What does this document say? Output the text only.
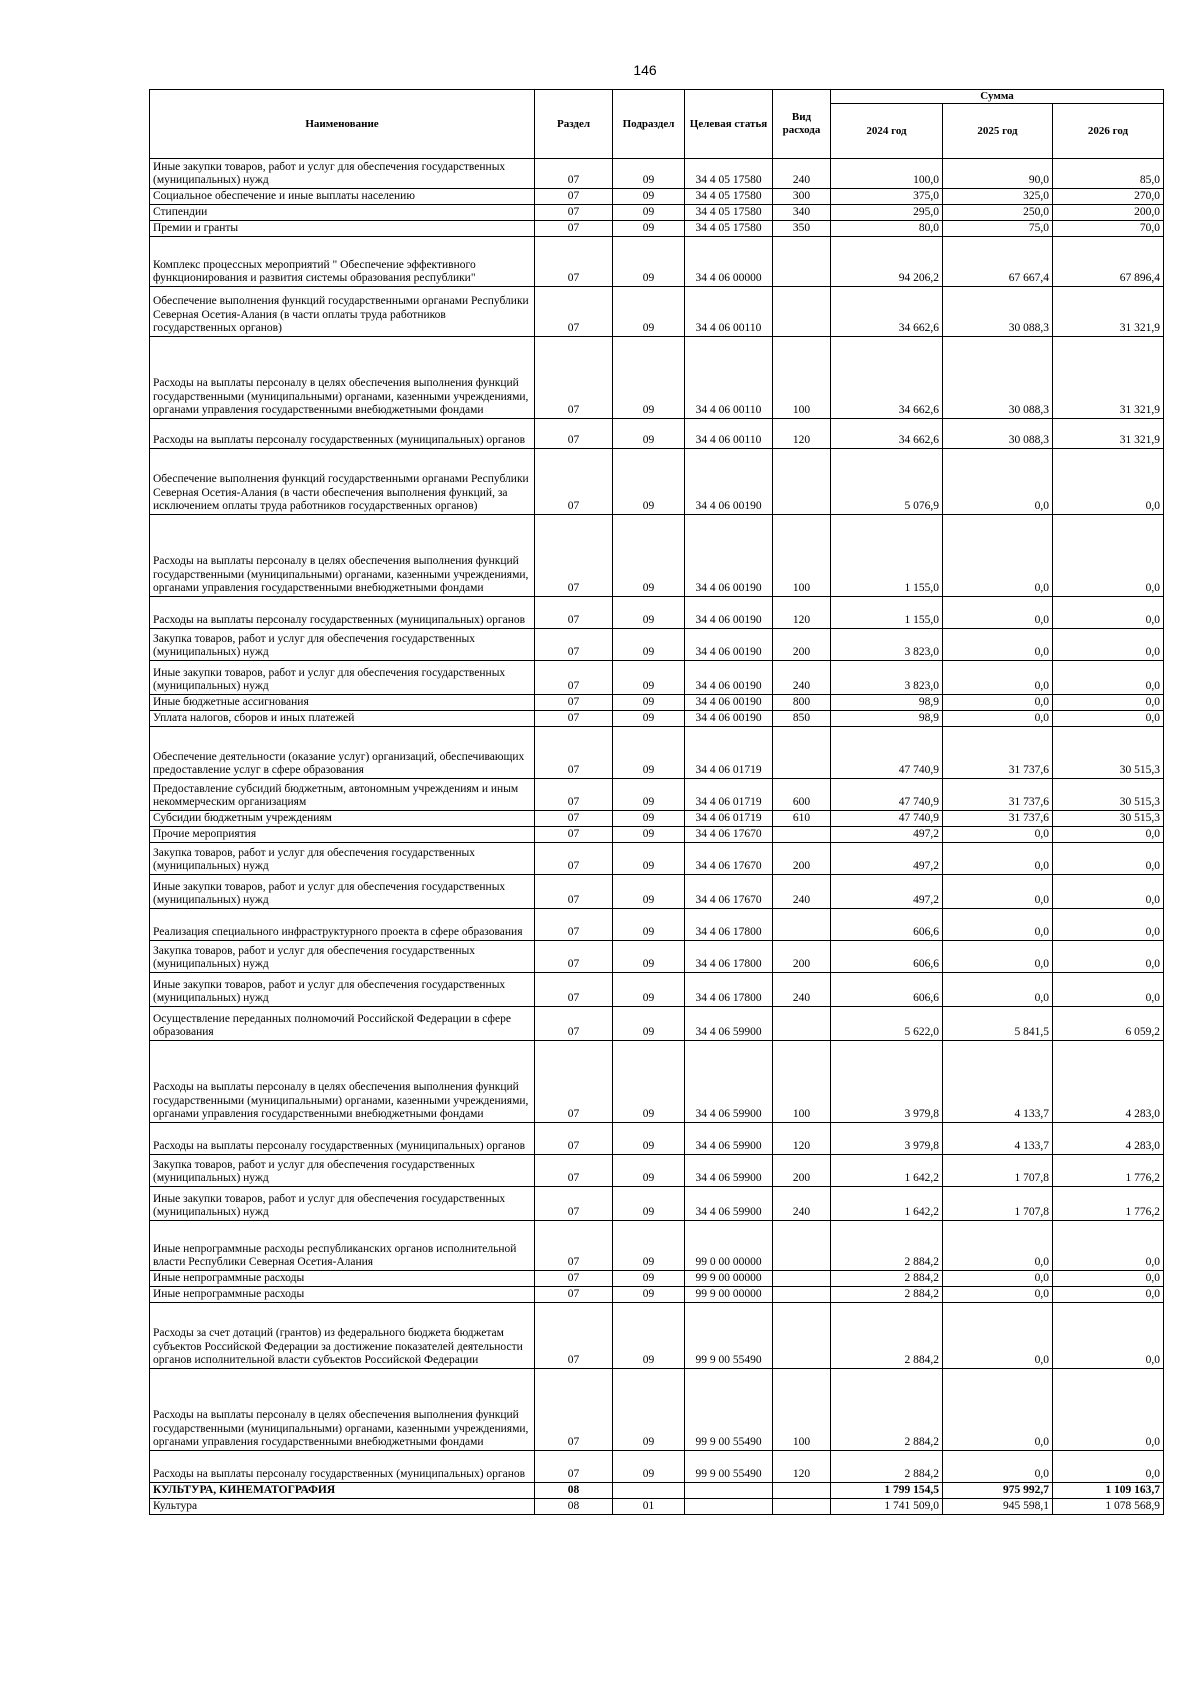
146
Наименование	Раздел	Подраздел	Целевая статья	Вид расхода	Сумма		
					2024 год	2025 год	2026 год
Иные закупки товаров, работ и услуг для обеспечения государственных (муниципальных) нужд	07	09	34 4 05 17580	240	100,0	90,0	85,0
Социальное обеспечение и иные выплаты населению	07	09	34 4 05 17580	300	375,0	325,0	270,0
Стипендии	07	09	34 4 05 17580	340	295,0	250,0	200,0
Премии и гранты	07	09	34 4 05 17580	350	80,0	75,0	70,0
Комплекс процессных мероприятий " Обеспечение эффективного функционирования и развития системы образования республики"	07	09	34 4 06 00000		94 206,2	67 667,4	67 896,4
Обеспечение выполнения функций государственными органами Республики Северная Осетия-Алания (в части оплаты труда работников государственных органов)	07	09	34 4 06 00110		34 662,6	30 088,3	31 321,9
Расходы на выплаты персоналу в целях обеспечения выполнения функций государственными (муниципальными) органами, казенными учреждениями, органами управления государственными внебюджетными фондами	07	09	34 4 06 00110	100	34 662,6	30 088,3	31 321,9
Расходы на выплаты персоналу государственных (муниципальных) органов	07	09	34 4 06 00110	120	34 662,6	30 088,3	31 321,9
Обеспечение выполнения функций государственными органами Республики Северная Осетия-Алания (в части обеспечения выполнения функций, за исключением оплаты труда работников государственных органов)	07	09	34 4 06 00190		5 076,9	0,0	0,0
Расходы на выплаты персоналу в целях обеспечения выполнения функций государственными (муниципальными) органами, казенными учреждениями, органами управления государственными внебюджетными фондами	07	09	34 4 06 00190	100	1 155,0	0,0	0,0
Расходы на выплаты персоналу государственных (муниципальных) органов	07	09	34 4 06 00190	120	1 155,0	0,0	0,0
Закупка товаров, работ и услуг для обеспечения государственных (муниципальных) нужд	07	09	34 4 06 00190	200	3 823,0	0,0	0,0
Иные закупки товаров, работ и услуг для обеспечения государственных (муниципальных) нужд	07	09	34 4 06 00190	240	3 823,0	0,0	0,0
Иные бюджетные ассигнования	07	09	34 4 06 00190	800	98,9	0,0	0,0
Уплата налогов, сборов и иных платежей	07	09	34 4 06 00190	850	98,9	0,0	0,0
Обеспечение деятельности (оказание услуг) организаций, обеспечивающих предоставление услуг в сфере образования	07	09	34 4 06 01719		47 740,9	31 737,6	30 515,3
Предоставление субсидий бюджетным, автономным учреждениям и иным некоммерческим организациям	07	09	34 4 06 01719	600	47 740,9	31 737,6	30 515,3
Субсидии бюджетным учреждениям	07	09	34 4 06 01719	610	47 740,9	31 737,6	30 515,3
Прочие мероприятия	07	09	34 4 06 17670		497,2	0,0	0,0
Закупка товаров, работ и услуг для обеспечения государственных (муниципальных) нужд	07	09	34 4 06 17670	200	497,2	0,0	0,0
Иные закупки товаров, работ и услуг для обеспечения государственных (муниципальных) нужд	07	09	34 4 06 17670	240	497,2	0,0	0,0
Реализация специального инфраструктурного проекта в сфере образования	07	09	34 4 06 17800		606,6	0,0	0,0
Закупка товаров, работ и услуг для обеспечения государственных (муниципальных) нужд	07	09	34 4 06 17800	200	606,6	0,0	0,0
Иные закупки товаров, работ и услуг для обеспечения государственных (муниципальных) нужд	07	09	34 4 06 17800	240	606,6	0,0	0,0
Осуществление переданных полномочий Российской Федерации в сфере образования	07	09	34 4 06 59900		5 622,0	5 841,5	6 059,2
Расходы на выплаты персоналу в целях обеспечения выполнения функций государственными (муниципальными) органами, казенными учреждениями, органами управления государственными внебюджетными фондами	07	09	34 4 06 59900	100	3 979,8	4 133,7	4 283,0
Расходы на выплаты персоналу государственных (муниципальных) органов	07	09	34 4 06 59900	120	3 979,8	4 133,7	4 283,0
Закупка товаров, работ и услуг для обеспечения государственных (муниципальных) нужд	07	09	34 4 06 59900	200	1 642,2	1 707,8	1 776,2
Иные закупки товаров, работ и услуг для обеспечения государственных (муниципальных) нужд	07	09	34 4 06 59900	240	1 642,2	1 707,8	1 776,2
Иные непрограммные расходы республиканских органов исполнительной власти Республики Северная Осетия-Алания	07	09	99 0 00 00000		2 884,2	0,0	0,0
Иные непрограммные расходы	07	09	99 9 00 00000		2 884,2	0,0	0,0
Иные непрограммные расходы	07	09	99 9 00 00000		2 884,2	0,0	0,0
Расходы за счет дотаций (грантов) из федерального бюджета бюджетам субъектов Российской Федерации за достижение показателей деятельности органов исполнительной власти субъектов Российской Федерации	07	09	99 9 00 55490		2 884,2	0,0	0,0
Расходы на выплаты персоналу в целях обеспечения выполнения функций государственными (муниципальными) органами, казенными учреждениями, органами управления государственными внебюджетными фондами	07	09	99 9 00 55490	100	2 884,2	0,0	0,0
Расходы на выплаты персоналу государственных (муниципальных) органов	07	09	99 9 00 55490	120	2 884,2	0,0	0,0
КУЛЬТУРА, КИНЕМАТОГРАФИЯ	08				1 799 154,5	975 992,7	1 109 163,7
Культура	08	01			1 741 509,0	945 598,1	1 078 568,9
